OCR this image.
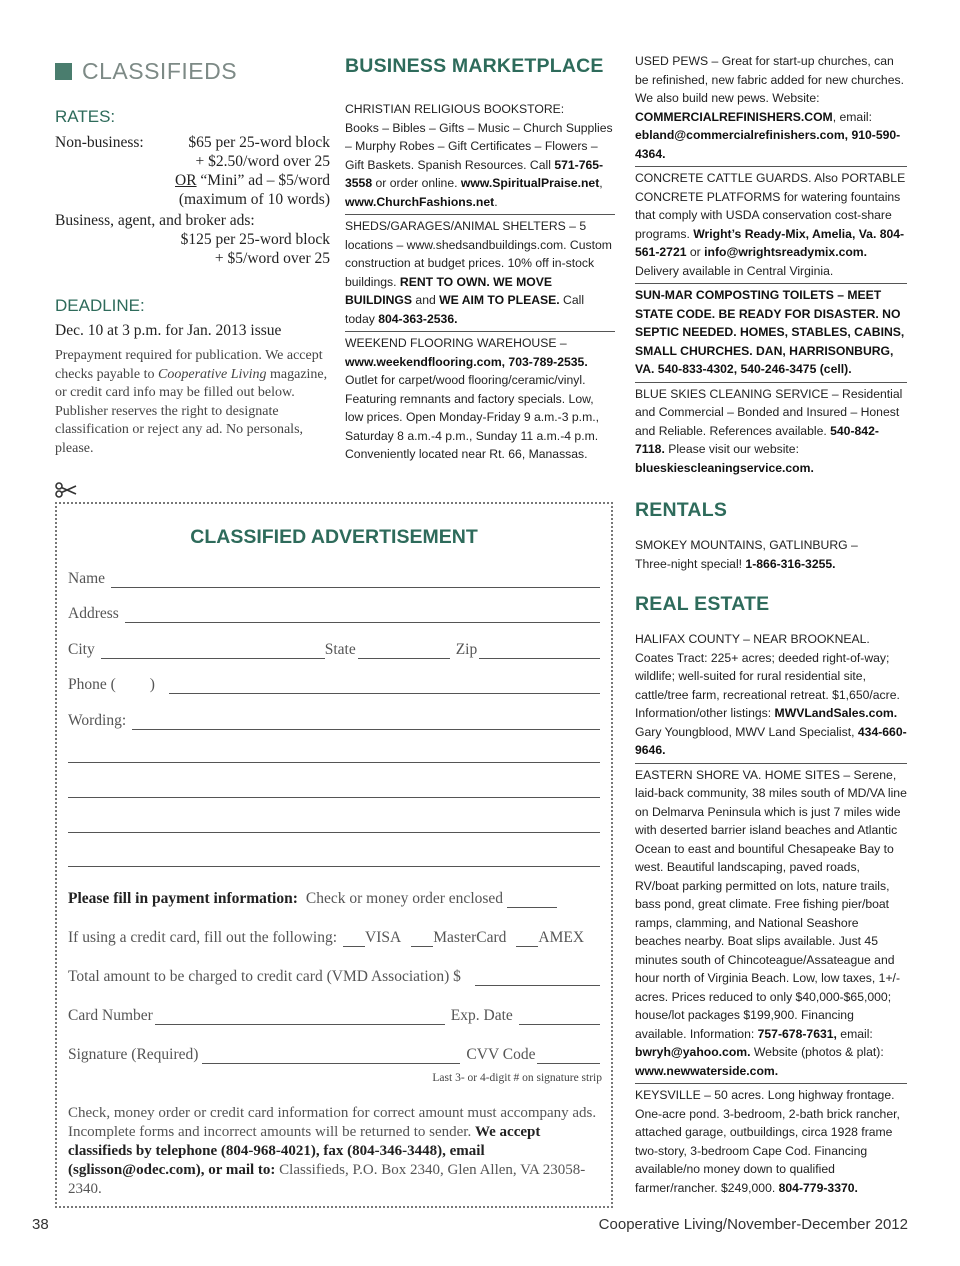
CLASSIFIEDS
RATES:
Non-business:	$65 per 25-word block
+ $2.50/word over 25
OR “Mini” ad – $5/word
(maximum of 10 words)
Business, agent, and broker ads:
$125 per 25-word block
+ $5/word over 25
DEADLINE:
Dec. 10 at 3 p.m. for Jan. 2013 issue
Prepayment required for publication. We accept checks payable to Cooperative Living magazine, or credit card info may be filled out below. Publisher reserves the right to designate classification or reject any ad. No personals, please.
BUSINESS MARKETPLACE
CHRISTIAN RELIGIOUS BOOKSTORE:
Books – Bibles – Gifts – Music – Church Supplies – Murphy Robes – Gift Certificates – Flowers – Gift Baskets. Spanish Resources. Call 571-765-3558 or order online. www.SpiritualPraise.net, www.ChurchFashions.net.
SHEDS/GARAGES/ANIMAL SHELTERS – 5 locations – www.shedsandbuildings.com. Custom construction at budget prices. 10% off in-stock buildings. RENT TO OWN. WE MOVE BUILDINGS and WE AIM TO PLEASE. Call today 804-363-2536.
WEEKEND FLOORING WAREHOUSE – www.weekendflooring.com, 703-789-2535. Outlet for carpet/wood flooring/ceramic/vinyl. Featuring remnants and factory specials. Low, low prices. Open Monday-Friday 9 a.m.-3 p.m., Saturday 8 a.m.-4 p.m., Sunday 11 a.m.-4 p.m. Conveniently located near Rt. 66, Manassas.
USED PEWS – Great for start-up churches, can be refinished, new fabric added for new churches. We also build new pews. Website: COMMERCIALREFINISHERS.COM, email: ebland@commercialrefinishers.com, 910-590-4364.
CONCRETE CATTLE GUARDS. Also PORTABLE CONCRETE PLATFORMS for watering fountains that comply with USDA conservation cost-share programs. Wright’s Ready-Mix, Amelia, Va. 804-561-2721 or info@wrightsreadymix.com. Delivery available in Central Virginia.
SUN-MAR COMPOSTING TOILETS – MEET STATE CODE. BE READY FOR DISASTER. NO SEPTIC NEEDED. HOMES, STABLES, CABINS, SMALL CHURCHES. DAN, HARRISONBURG, VA. 540-833-4302, 540-246-3475 (cell).
BLUE SKIES CLEANING SERVICE – Residential and Commercial – Bonded and Insured – Honest and Reliable. References available. 540-842-7118. Please visit our website: blueskiescleaningservice.com.
RENTALS
SMOKEY MOUNTAINS, GATLINBURG –
Three-night special! 1-866-316-3255.
REAL ESTATE
HALIFAX COUNTY – NEAR BROOKNEAL.
Coates Tract: 225+ acres; deeded right-of-way; wildlife; well-suited for rural residential site, cattle/tree farm, recreational retreat. $1,650/acre. Information/other listings: MWVLandSales.com. Gary Youngblood, MWV Land Specialist, 434-660-9646.
EASTERN SHORE VA. HOME SITES – Serene, laid-back community, 38 miles south of MD/VA line on Delmarva Peninsula which is just 7 miles wide with deserted barrier island beaches and Atlantic Ocean to east and bountiful Chesapeake Bay to west. Beautiful landscaping, paved roads, RV/boat parking permitted on lots, nature trails, bass pond, great climate. Free fishing pier/boat ramps, clamming, and National Seashore beaches nearby. Boat slips available. Just 45 minutes south of Chincoteague/Assateague and hour north of Virginia Beach. Low, low taxes, 1+/- acres. Prices reduced to only $40,000-$65,000; house/lot packages $199,900. Financing available. Information: 757-678-7631, email: bwryh@yahoo.com. Website (photos & plat): www.newwaterside.com.
KEYSVILLE – 50 acres. Long highway frontage. One-acre pond. 3-bedroom, 2-bath brick rancher, attached garage, outbuildings, circa 1928 frame two-story, 3-bedroom Cape Cod. Financing available/no money down to qualified farmer/rancher. $249,000. 804-779-3370.
CLASSIFIED ADVERTISEMENT
Name
Address
City	State	Zip
Phone ( )
Wording:
Please fill in payment information: Check or money order enclosed
If using a credit card, fill out the following: VISA MasterCard AMEX
Total amount to be charged to credit card (VMD Association) $
Card Number	Exp. Date
Signature (Required)	CVV Code
Last 3- or 4-digit # on signature strip
Check, money order or credit card information for correct amount must accompany ads. Incomplete forms and incorrect amounts will be returned to sender. We accept classifieds by telephone (804-968-4021), fax (804-346-3448), email (sglisson@odec.com), or mail to: Classifieds, P.O. Box 2340, Glen Allen, VA 23058-2340.
38	Cooperative Living/November-December 2012
